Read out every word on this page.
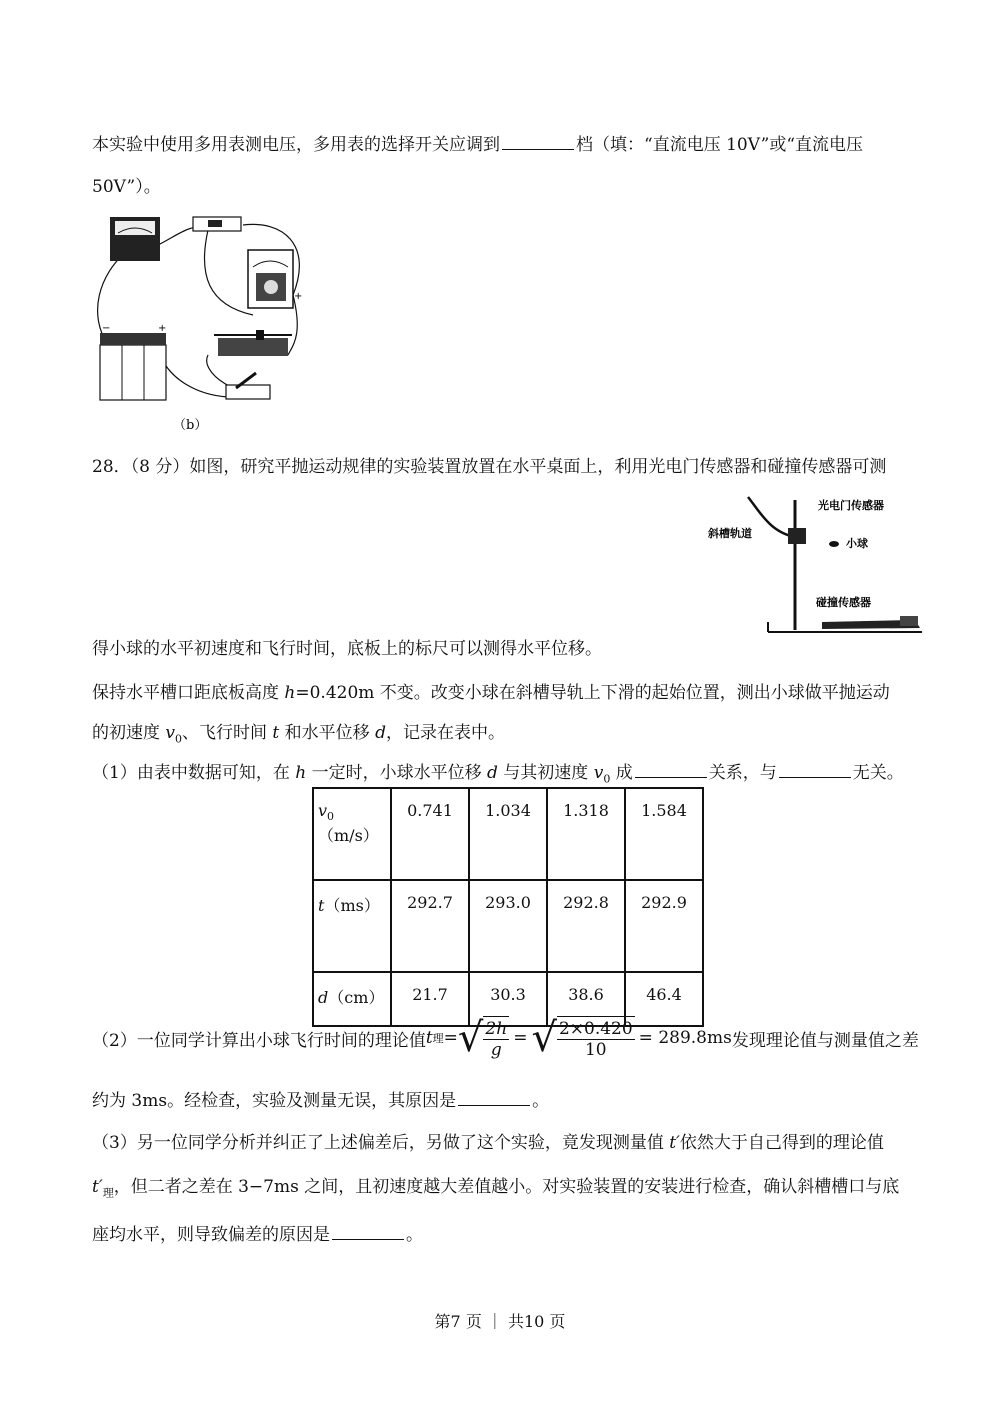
本实验中使用多用表测电压，多用表的选择开关应调到	档（填：“直流电压 10V”或“直流电压
50V”）。
+
−	+
（b）
28．（8 分）如图，研究平抛运动规律的实验装置放置在水平桌面上，利用光电门传感器和碰撞传感器可测
斜槽轨道
光电门传感器
小球
碰撞传感器
得小球的水平初速度和飞行时间，底板上的标尺可以测得水平位移。
保持水平槽口距底板高度 h=0.420m 不变。改变小球在斜槽导轨上下滑的起始位置，测出小球做平抛运动
的初速度 $v_0$、飞行时间 t 和水平位移 d，记录在表中。
（1）由表中数据可知，在 h 一定时，小球水平位移 d 与其初速度 $v_0$ 成	关系，与	无关。
$v_0(m/s)$	0.741	1.034	1.318	1.584
t（ms）	292.7	293.0	292.8	292.9
d（cm）	21.7	30.3	38.6	46.4
（2）一位同学计算出小球飞行时间的理论值 t 理 = √ $\frac{2h}{g}$ = √ $\frac{2\times 0.420}{10} = 289.8ms$ 发现理论值与测量值之差
约为 3ms。经检查，实验及测量无误，其原因是	。
（3）另一位同学分析并纠正了上述偏差后，另做了这个实验，竟发现测量值 t′依然大于自己得到的理论值
$t'_理$，但二者之差在 3−7ms 之间，且初速度越大差值越小。对实验装置的安装进行检查，确认斜槽槽口与底
座均水平，则导致偏差的原因是	。
第7 页 ｜ 共10 页
